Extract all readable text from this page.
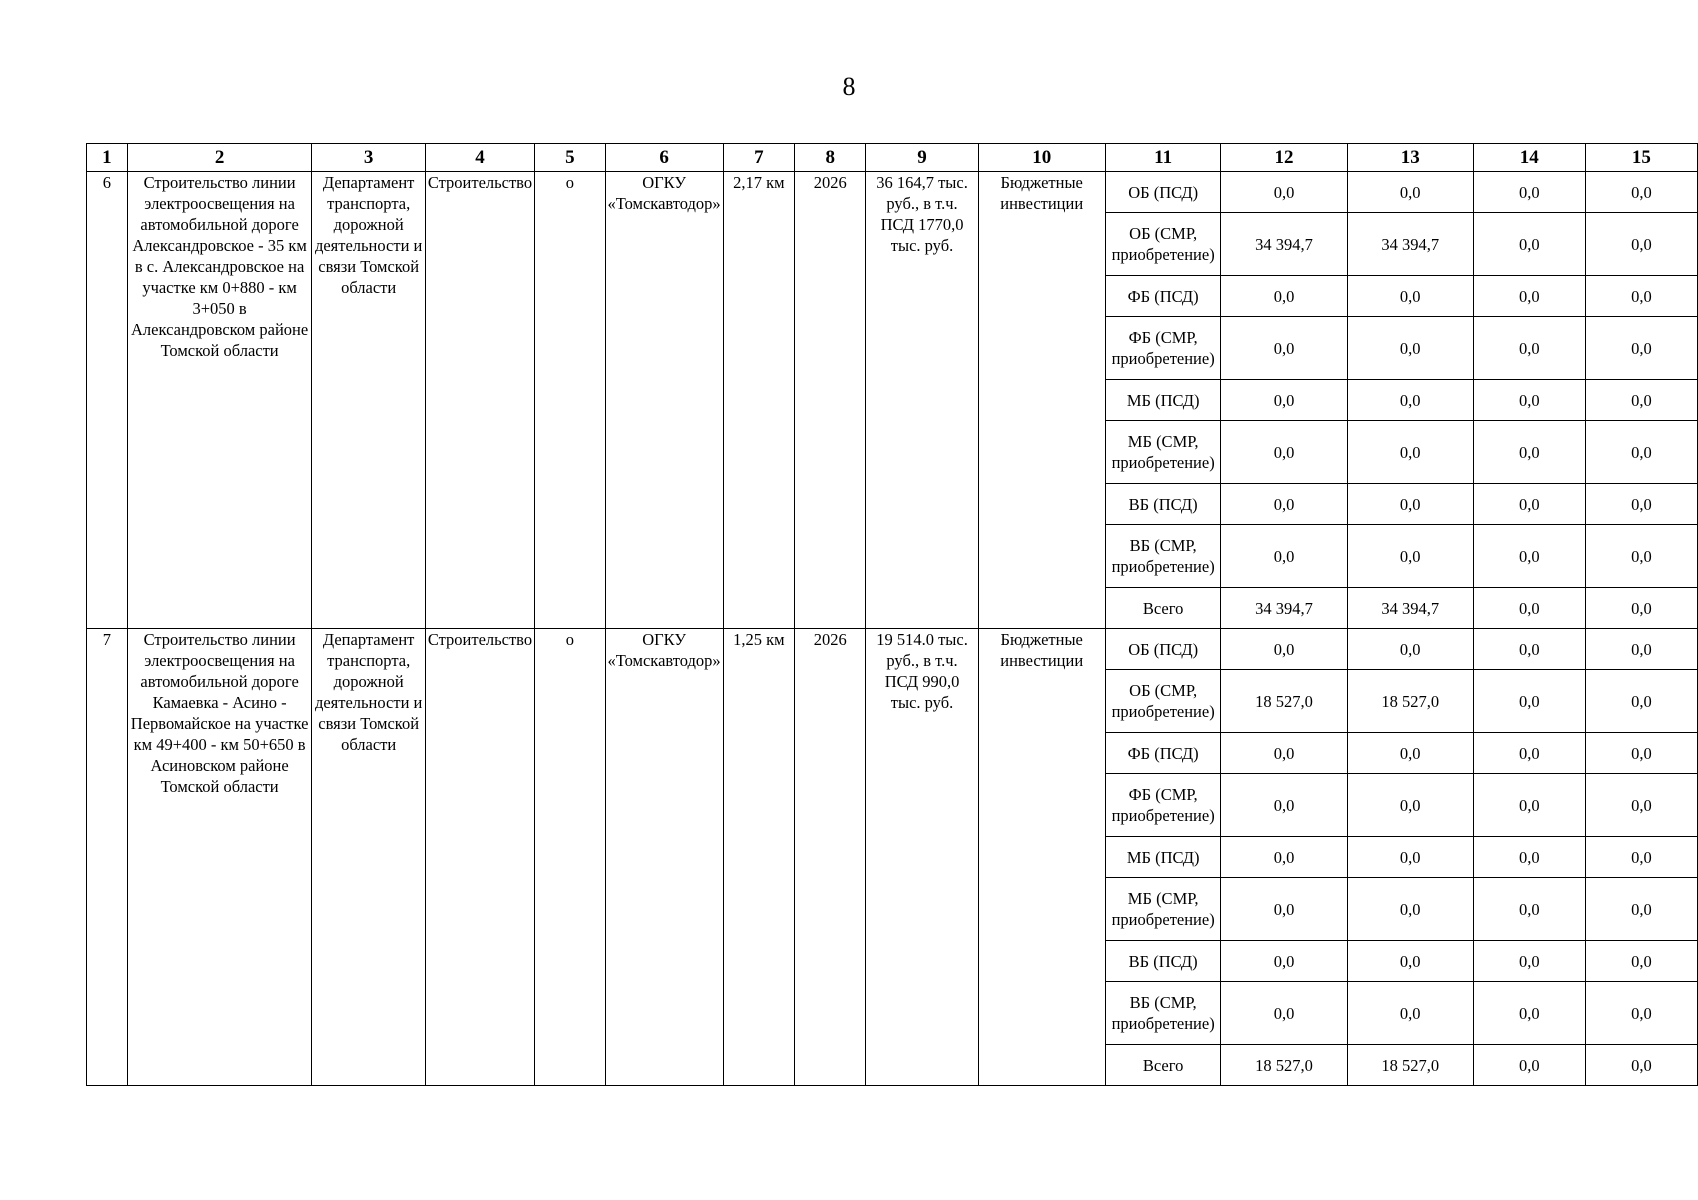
8
1	2	3	4	5	6	7	8	9	10	11	12	13	14	15
6	Строительство линии электроосвещения на автомобильной дороге Александровское - 35 км в с. Александровское на участке км 0+880 - км 3+050 в Александровском районе Томской области	Департамент транспорта, дорожной деятельности и связи Томской области	Строительство	о	ОГКУ «Томскавтодор»	2,17 км	2026	36 164,7 тыс. руб., в т.ч. ПСД 1770,0 тыс. руб.	Бюджетные инвестиции	ОБ (ПСД)	0,0	0,0	0,0	0,0
										ОБ (СМР, приобретение)	34 394,7	34 394,7	0,0	0,0
										ФБ (ПСД)	0,0	0,0	0,0	0,0
										ФБ (СМР, приобретение)	0,0	0,0	0,0	0,0
										МБ (ПСД)	0,0	0,0	0,0	0,0
										МБ (СМР, приобретение)	0,0	0,0	0,0	0,0
										ВБ (ПСД)	0,0	0,0	0,0	0,0
										ВБ (СМР, приобретение)	0,0	0,0	0,0	0,0
										Всего	34 394,7	34 394,7	0,0	0,0
7	Строительство линии электроосвещения на автомобильной дороге Камаевка - Асино - Первомайское на участке км 49+400 - км 50+650 в Асиновском районе Томской области	Департамент транспорта, дорожной деятельности и связи Томской области	Строительство	о	ОГКУ «Томскавтодор»	1,25 км	2026	19 514.0 тыс. руб., в т.ч. ПСД 990,0 тыс. руб.	Бюджетные инвестиции	ОБ (ПСД)	0,0	0,0	0,0	0,0
										ОБ (СМР, приобретение)	18 527,0	18 527,0	0,0	0,0
										ФБ (ПСД)	0,0	0,0	0,0	0,0
										ФБ (СМР, приобретение)	0,0	0,0	0,0	0,0
										МБ (ПСД)	0,0	0,0	0,0	0,0
										МБ (СМР, приобретение)	0,0	0,0	0,0	0,0
										ВБ (ПСД)	0,0	0,0	0,0	0,0
										ВБ (СМР, приобретение)	0,0	0,0	0,0	0,0
										Всего	18 527,0	18 527,0	0,0	0,0
